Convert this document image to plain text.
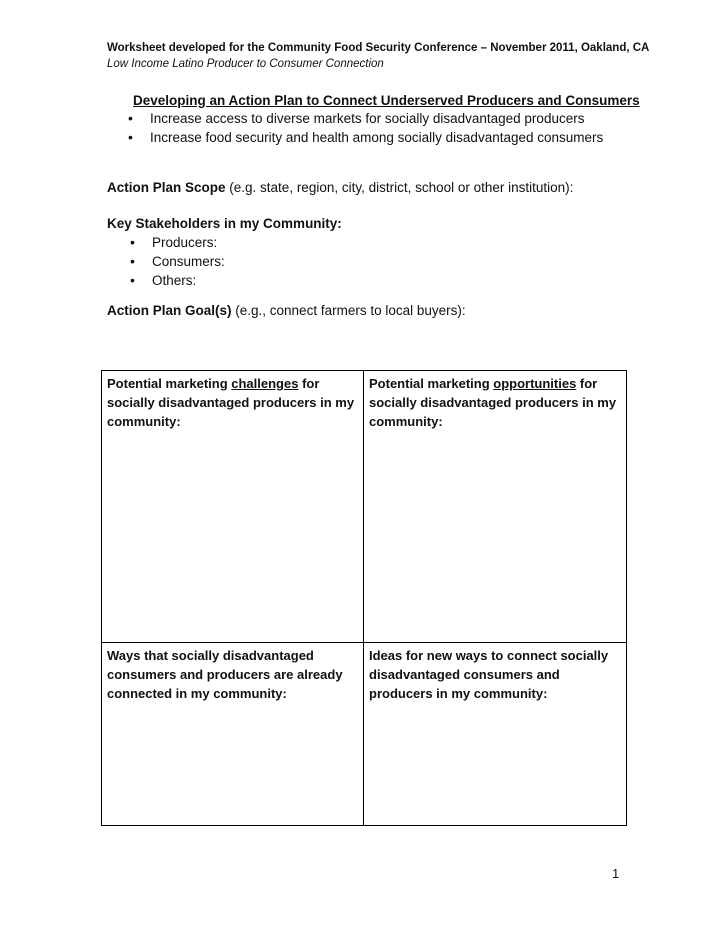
Worksheet developed for the Community Food Security Conference – November 2011, Oakland, CA
Low Income Latino Producer to Consumer Connection
Developing an Action Plan to Connect Underserved Producers and Consumers
• Increase access to diverse markets for socially disadvantaged producers
• Increase food security and health among socially disadvantaged consumers
Action Plan Scope (e.g. state, region, city, district, school or other institution):
Key Stakeholders in my Community:
• Producers:
• Consumers:
• Others:
Action Plan Goal(s) (e.g., connect farmers to local buyers):
Potential marketing challenges for socially disadvantaged producers in my community:
Potential marketing opportunities for socially disadvantaged producers in my community:
Ways that socially disadvantaged consumers and producers are already connected in my community:
Ideas for new ways to connect socially disadvantaged consumers and producers in my community:
1
